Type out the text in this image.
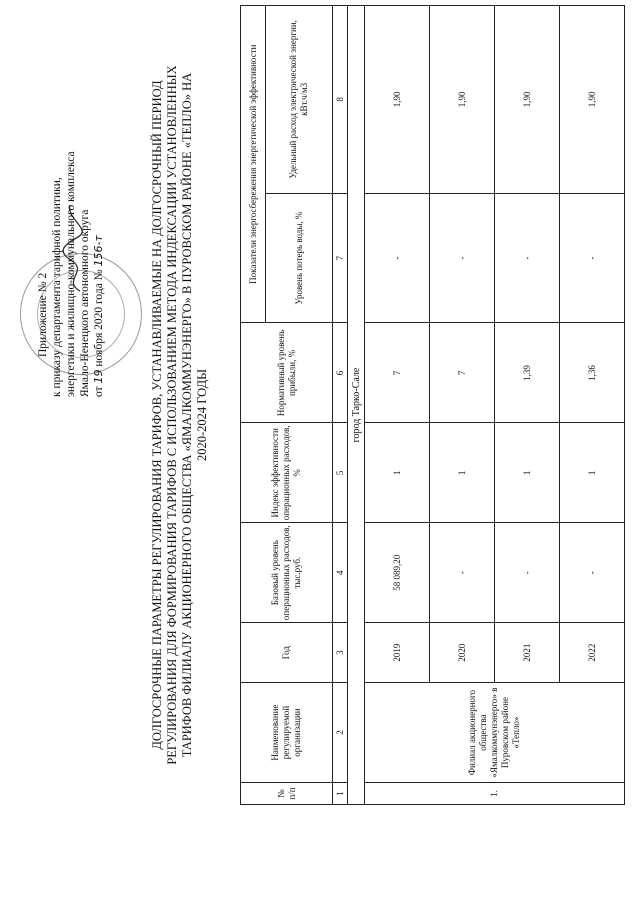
Приложение № 2 к приказу департамента тарифной политики, энергетики и жилищно-коммунального комплекса Ямало-Ненецкого автономного округа от 19 ноября 2020 года № 156-т	ДОЛГОСРОЧНЫЕ ПАРАМЕТРЫ РЕГУЛИРОВАНИЯ ТАРИФОВ, УСТАНАВЛИВАЕМЫЕ НА ДОЛГОСРОЧНЫЙ ПЕРИОД РЕГУЛИРОВАНИЯ ДЛЯ ФОРМИРОВАНИЯ ТАРИФОВ С ИСПОЛЬЗОВАНИЕМ МЕТОДА ИНДЕКСАЦИИ УСТАНОВЛЕННЫХ ТАРИФОВ ФИЛИАЛУ АКЦИОНЕРНОГО ОБЩЕСТВА «ЯМАЛКОММУНЭНЕРГО» В ПУРОВСКОМ РАЙОНЕ «ТЕПЛО» НА 2020-2024 ГОДЫ
№ п/п	Наименование регулируемой организации	Год	Базовый уровень операционных расходов, тыс.руб.	Индекс эффективности операционных расходов, %	Нормативный уровень прибыли, %	Показатели энергосбережения энергетической эффективности	
						Уровень потерь воды, %	Удельный расход электрической энергии, кВт.ч/м3
1	2	3	4	5	6	7	8
город Тарко-Сале							
1.	Филиал акционерного общества «Ямалкоммунэнерго» в Пуровском районе «Тепло»	2019	58 089,20	1	7	-	1,90
		2020	-	1	7	-	1,90
		2021	-	1	1,39	-	1,90
		2022	-	1	1,36	-	1,90
